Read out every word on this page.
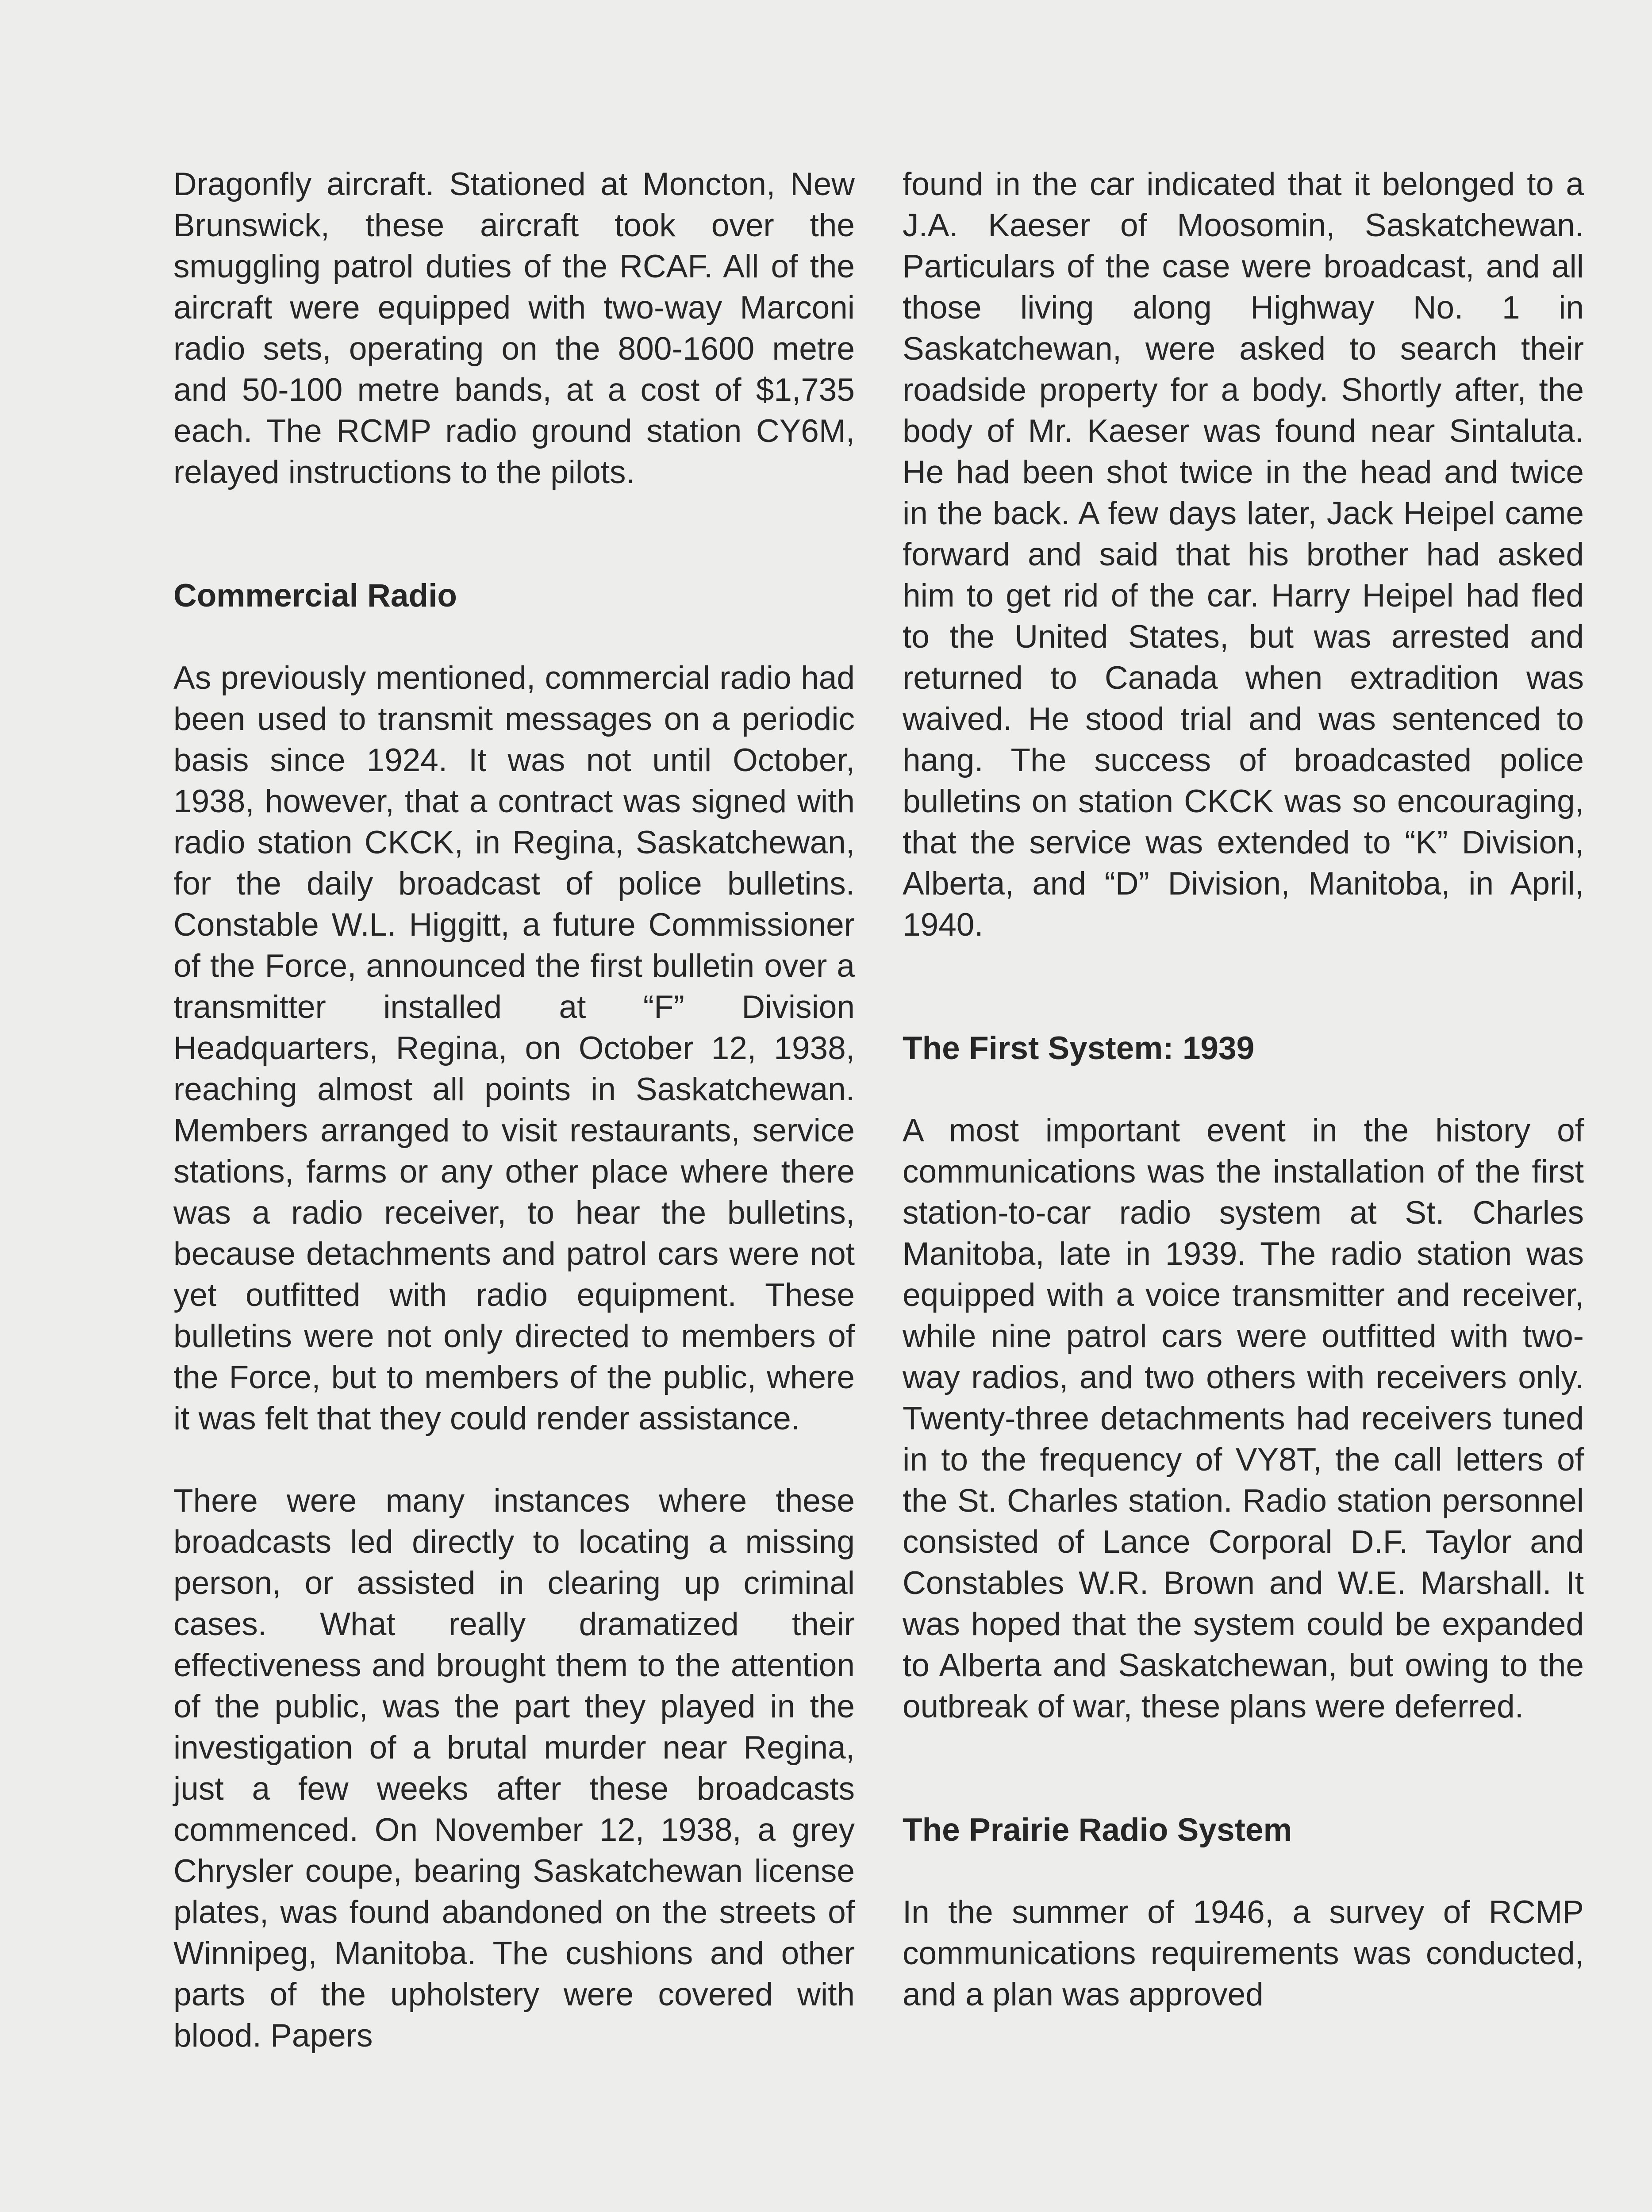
Dragonfly aircraft. Stationed at Moncton, New Brunswick, these aircraft took over the smuggling patrol duties of the RCAF. All of the aircraft were equipped with two-way Marconi radio sets, operating on the 800-1600 metre and 50-100 metre bands, at a cost of $1,735 each. The RCMP radio ground station CY6M, relayed instructions to the pilots.

Commercial Radio

As previously mentioned, commercial radio had been used to transmit messages on a periodic basis since 1924. It was not until October, 1938, however, that a contract was signed with radio station CKCK, in Regina, Saskatchewan, for the daily broadcast of police bulletins. Constable W.L. Higgitt, a future Commissioner of the Force, announced the first bulletin over a transmitter installed at “F” Division Headquarters, Regina, on October 12, 1938, reaching almost all points in Saskatchewan. Members arranged to visit restaurants, service stations, farms or any other place where there was a radio receiver, to hear the bulletins, because detachments and patrol cars were not yet outfitted with radio equipment. These bulletins were not only directed to members of the Force, but to members of the public, where it was felt that they could render assistance.

There were many instances where these broadcasts led directly to locating a missing person, or assisted in clearing up criminal cases. What really dramatized their effectiveness and brought them to the attention of the public, was the part they played in the investigation of a brutal murder near Regina, just a few weeks after these broadcasts commenced. On November 12, 1938, a grey Chrysler coupe, bearing Saskatchewan license plates, was found abandoned on the streets of Winnipeg, Manitoba. The cushions and other parts of the upholstery were covered with blood. Papers

found in the car indicated that it belonged to a J.A. Kaeser of Moosomin, Saskatchewan. Particulars of the case were broadcast, and all those living along Highway No. 1 in Saskatchewan, were asked to search their roadside property for a body. Shortly after, the body of Mr. Kaeser was found near Sintaluta. He had been shot twice in the head and twice in the back. A few days later, Jack Heipel came forward and said that his brother had asked him to get rid of the car. Harry Heipel had fled to the United States, but was arrested and returned to Canada when extradition was waived. He stood trial and was sentenced to hang. The success of broadcasted police bulletins on station CKCK was so encouraging, that the service was extended to “K” Division, Alberta, and “D” Division, Manitoba, in April, 1940.

The First System: 1939

A most important event in the history of communications was the installation of the first station-to-car radio system at St. Charles Manitoba, late in 1939. The radio station was equipped with a voice transmitter and receiver, while nine patrol cars were outfitted with two-way radios, and two others with receivers only. Twenty-three detachments had receivers tuned in to the frequency of VY8T, the call letters of the St. Charles station. Radio station personnel consisted of Lance Corporal D.F. Taylor and Constables W.R. Brown and W.E. Marshall. It was hoped that the system could be expanded to Alberta and Saskatchewan, but owing to the outbreak of war, these plans were deferred.

The Prairie Radio System

In the summer of 1946, a survey of RCMP communications requirements was conducted, and a plan was approved
